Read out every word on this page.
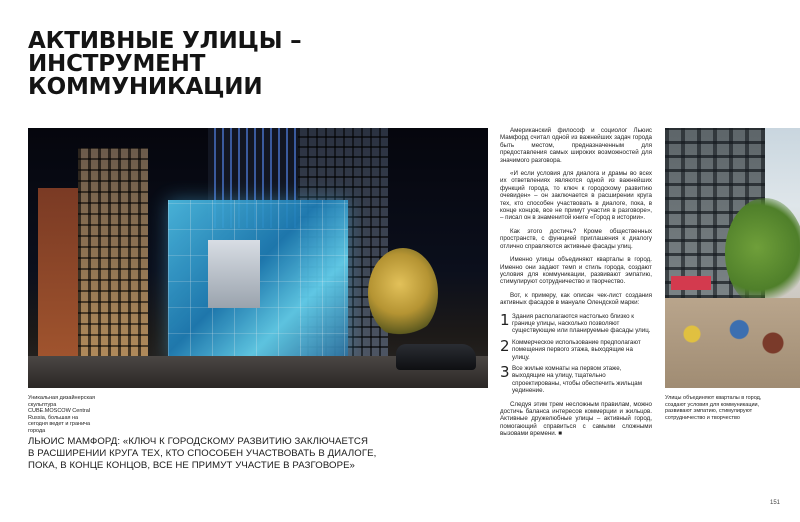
АКТИВНЫЕ УЛИЦЫ –
ИНСТРУМЕНТ
КОММУНИКАЦИИ
Уникальная дизайнерская скульптура CUBE.MOSCOW Central Russia, большая на сегодня ведет и гранича города

Американский философ и социолог Льюис Мамфорд считал одной из важнейших задач города быть местом, предназначенным для предоставления самых широких возможностей для значимого разговора.

«И если условия для диалога и драмы во всех их ответвлениях являются одной из важнейших функций города, то ключ к городскому развитию очевиден» – он заключается в расширении круга тех, кто способен участвовать в диалоге, пока, в конце концов, все не примут участия в разговоре», – писал он в знаменитой книге «Город в истории».

Как этого достичь? Кроме общественных пространств, с функцией приглашения к диалогу отлично справляются активные фасады улиц.

Именно улицы объединяют кварталы в город. Именно они задают темп и стиль города, создают условия для коммуникации, развивают эмпатию, стимулируют сотрудничество и творчество.

Вот, к примеру, как описан чек-лист создания активных фасадов в мануале Олендской марки:

1 Здания располагаются настолько близко к границе улицы, насколько позволяют существующие или планируемые фасады улиц.
2 Коммерческое использование предполагают помещения первого этажа, выходящие на улицу.
3 Все жилые комнаты на первом этаже, выходящие на улицу, тщательно спроектированы, чтобы обеспечить жильцам уединение.

Следуя этим трем несложным правилам, можно достичь баланса интересов коммерции и жильцов. Активные дружелюбные улицы – активный город, помогающий справиться с самыми сложными вызовами времени. ■

Улицы объединяют кварталы в город, создают условия для коммуникации, развивают эмпатию, стимулируют сотрудничество и творчество
ЛЬЮИС МАМФОРД: «КЛЮЧ К ГОРОДСКОМУ РАЗВИТИЮ ЗАКЛЮЧАЕТСЯ
В РАСШИРЕНИИ КРУГА ТЕХ, КТО СПОСОБЕН УЧАСТВОВАТЬ В ДИАЛОГЕ,
ПОКА, В КОНЦЕ КОНЦОВ, ВСЕ НЕ ПРИМУТ УЧАСТИЕ В РАЗГОВОРЕ»
151
